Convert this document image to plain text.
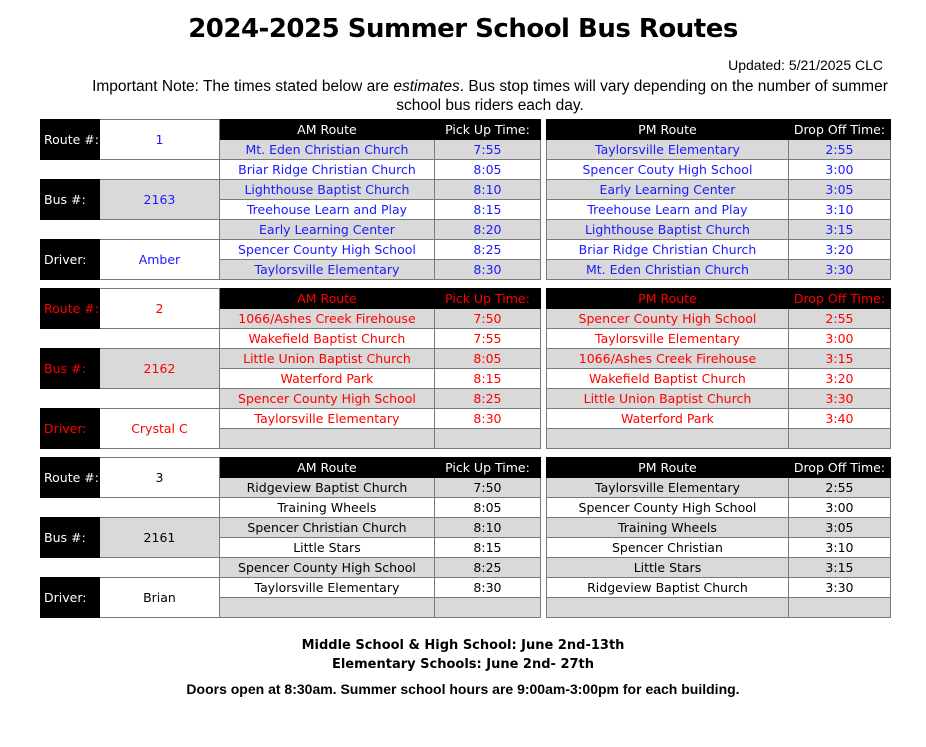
2024-2025 Summer School Bus Routes
Updated: 5/21/2025 CLC
Important Note: The times stated below are estimates. Bus stop times will vary depending on the number of summer school bus riders each day.
Route #:	1	AM Route	Pick Up Time:		PM Route	Drop Off Time:
		Mt. Eden Christian Church	7:55		Taylorsville Elementary	2:55
		Briar Ridge Christian Church	8:05		Spencer Couty High School	3:00
Bus #:	2163	Lighthouse Baptist Church	8:10		Early Learning Center	3:05
		Treehouse Learn and Play	8:15		Treehouse Learn and Play	3:10
		Early Learning Center	8:20		Lighthouse Baptist Church	3:15
Driver:	Amber	Spencer County High School	8:25		Briar Ridge Christian Church	3:20
		Taylorsville Elementary	8:30		Mt. Eden Christian Church	3:30
Route #:	2	AM Route	Pick Up Time:		PM Route	Drop Off Time:
		1066/Ashes Creek Firehouse	7:50		Spencer County High School	2:55
		Wakefield Baptist Church	7:55		Taylorsville Elementary	3:00
Bus #:	2162	Little Union Baptist Church	8:05		1066/Ashes Creek Firehouse	3:15
		Waterford Park	8:15		Wakefield Baptist Church	3:20
		Spencer County High School	8:25		Little Union Baptist Church	3:30
Driver:	Crystal C	Taylorsville Elementary	8:30		Waterford Park	3:40

Route #:	3	AM Route	Pick Up Time:		PM Route	Drop Off Time:
		Ridgeview Baptist Church	7:50		Taylorsville Elementary	2:55
		Training Wheels	8:05		Spencer County High School	3:00
Bus #:	2161	Spencer Christian Church	8:10		Training Wheels	3:05
		Little Stars	8:15		Spencer Christian	3:10
		Spencer County High School	8:25		Little Stars	3:15
Driver:	Brian	Taylorsville Elementary	8:30		Ridgeview Baptist Church	3:30

Middle School & High School: June 2nd-13th
Elementary Schools: June 2nd- 27th
Doors open at 8:30am. Summer school hours are 9:00am-3:00pm for each building.
